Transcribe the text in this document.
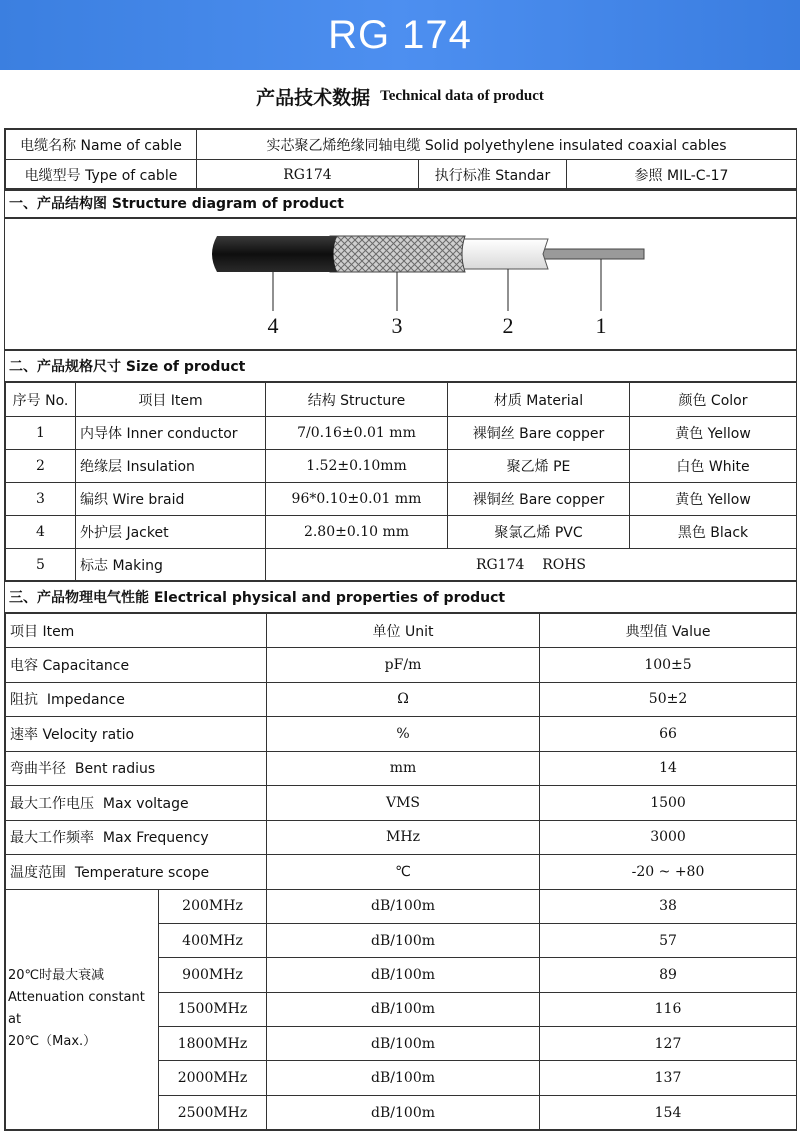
RG 174
产品技术数据 Technical data of product
电缆名称 Name of cable	实芯聚乙烯绝缘同轴电缆 Solid polyethylene insulated coaxial cables		
电缆型号 Type of cable	RG174	执行标准 Standar	参照 MIL-C-17
一、产品结构图 Structure diagram of product
4	3	2	1
二、产品规格尺寸 Size of product
序号 No.	项目 Item	结构 Structure	材质 Material	颜色 Color
1	内导体 Inner conductor	7/0.16±0.01 mm	裸铜丝 Bare copper	黄色 Yellow
2	绝缘层 Insulation	1.52±0.10mm	聚乙烯 PE	白色 White
3	编织 Wire braid	96*0.10±0.01 mm	裸铜丝 Bare copper	黄色 Yellow
4	外护层 Jacket	2.80±0.10 mm	聚氯乙烯 PVC	黑色 Black
5	标志 Making	RG174    ROHS		
三、产品物理电气性能 Electrical physical and properties of product
项目 Item		单位 Unit	典型值 Value
电容 Capacitance		pF/m	100±5
阻抗  Impedance		Ω	50±2
速率 Velocity ratio		%	66
弯曲半径  Bent radius		mm	14
最大工作电压  Max voltage		VMS	1500
最大工作频率  Max Frequency		MHz	3000
温度范围  Temperature scope		℃	-20 ~ +80

20℃时最大衰减
Attenuation constant at
20℃（Max.）	200MHz	dB/100m	38
	400MHz	dB/100m	57
	900MHz	dB/100m	89
	1500MHz	dB/100m	116
	1800MHz	dB/100m	127
	2000MHz	dB/100m	137
	2500MHz	dB/100m	154
